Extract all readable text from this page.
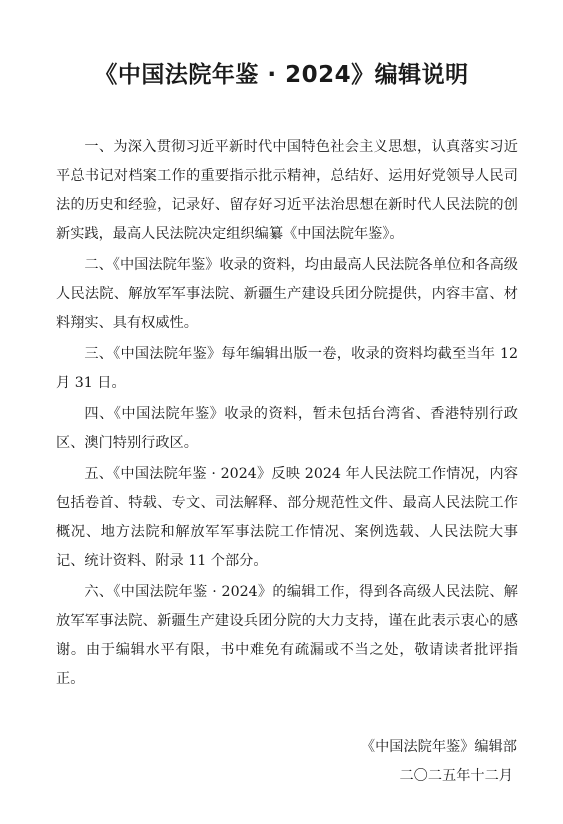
《中国法院年鉴 · 2024》编辑说明

一、为深入贯彻习近平新时代中国特色社会主义思想，认真落实习近平总书记对档案工作的重要指示批示精神，总结好、运用好党领导人民司法的历史和经验，记录好、留存好习近平法治思想在新时代人民法院的创新实践，最高人民法院决定组织编纂《中国法院年鉴》。

二、《中国法院年鉴》收录的资料，均由最高人民法院各单位和各高级人民法院、解放军军事法院、新疆生产建设兵团分院提供，内容丰富、材料翔实、具有权威性。

三、《中国法院年鉴》每年编辑出版一卷，收录的资料均截至当年 12 月 31 日。

四、《中国法院年鉴》收录的资料，暂未包括台湾省、香港特别行政区、澳门特别行政区。

五、《中国法院年鉴 · 2024》反映 2024 年人民法院工作情况，内容包括卷首、特载、专文、司法解释、部分规范性文件、最高人民法院工作概况、地方法院和解放军军事法院工作情况、案例选载、人民法院大事记、统计资料、附录 11 个部分。

六、《中国法院年鉴 · 2024》的编辑工作，得到各高级人民法院、解放军军事法院、新疆生产建设兵团分院的大力支持，谨在此表示衷心的感谢。由于编辑水平有限，书中难免有疏漏或不当之处，敬请读者批评指正。

《中国法院年鉴》编辑部

二〇二五年十二月
